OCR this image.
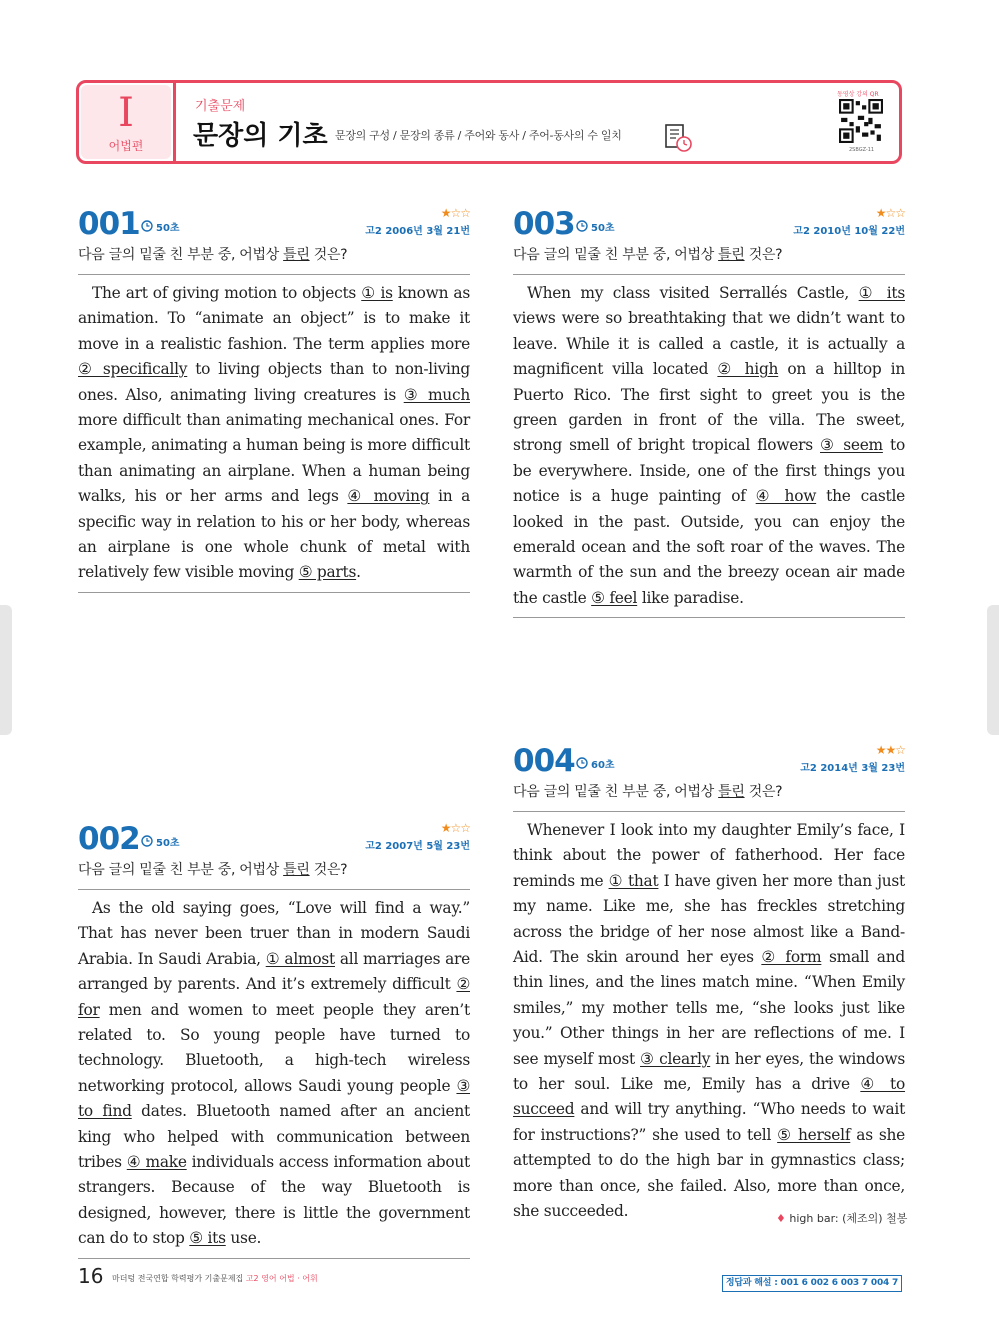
I
어법편
기출문제
문장의 기초 문장의 구성 / 문장의 종류 / 주어와 동사 / 주어-동사의 수 일치
동영상 강의 QR
2SBGZ-11
001 50초
★☆☆
고2 2006년 3월 21번
다음 글의 밑줄 친 부분 중, 어법상 틀린 것은?

The art of giving motion to objects ① is known as animation. To “animate an object” is to make it move in a realistic fashion. The term applies more ② specifically to living objects than to non-living ones. Also, animating living creatures is ③ much more difficult than animating mechanical ones. For example, animating a human being is more difficult than animating an airplane. When a human being walks, his or her arms and legs ④ moving in a specific way in relation to his or her body, whereas an airplane is one whole chunk of metal with relatively few visible moving ⑤ parts.

002 50초
★☆☆
고2 2007년 5월 23번
다음 글의 밑줄 친 부분 중, 어법상 틀린 것은?

As the old saying goes, “Love will find a way.” That has never been truer than in modern Saudi Arabia. In Saudi Arabia, ① almost all marriages are arranged by parents. And it’s extremely difficult ② for men and women to meet people they aren’t related to. So young people have turned to technology. Bluetooth, a high-tech wireless networking protocol, allows Saudi young people ③ to find dates. Bluetooth named after an ancient king who helped with communication between tribes ④ make individuals access information about strangers. Because of the way Bluetooth is designed, however, there is little the government can do to stop ⑤ its use.

003 50초
★☆☆
고2 2010년 10월 22번
다음 글의 밑줄 친 부분 중, 어법상 틀린 것은?

When my class visited Serrallés Castle, ① its views were so breathtaking that we didn’t want to leave. While it is called a castle, it is actually a magnificent villa located ② high on a hilltop in Puerto Rico. The first sight to greet you is the green garden in front of the villa. The sweet, strong smell of bright tropical flowers ③ seem to be everywhere. Inside, one of the first things you notice is a huge painting of ④ how the castle looked in the past. Outside, you can enjoy the emerald ocean and the soft roar of the waves. The warmth of the sun and the breezy ocean air made the castle ⑤ feel like paradise.

004 60초
★★☆
고2 2014년 3월 23번
다음 글의 밑줄 친 부분 중, 어법상 틀린 것은?

Whenever I look into my daughter Emily’s face, I think about the power of fatherhood. Her face reminds me ① that I have given her more than just my name. Like me, she has freckles stretching across the bridge of her nose almost like a Band-Aid. The skin around her eyes ② form small and thin lines, and the lines match mine. “When Emily smiles,” my mother tells me, “she looks just like you.” Other things in her are reflections of me. I see myself most ③ clearly in her eyes, the windows to her soul. Like me, Emily has a drive ④ to succeed and will try anything. “Who needs to wait for instructions?” she used to tell ⑤ herself as she attempted to do the high bar in gymnastics class; more than once, she failed. Also, more than once, she succeeded.	♦ high bar: (체조의) 철봉
16 마더텅 전국연합 학력평가 기출문제집 고2 영어 어법 · 어휘	정답과 해설 : 001 6 002 6 003 7 004 7
